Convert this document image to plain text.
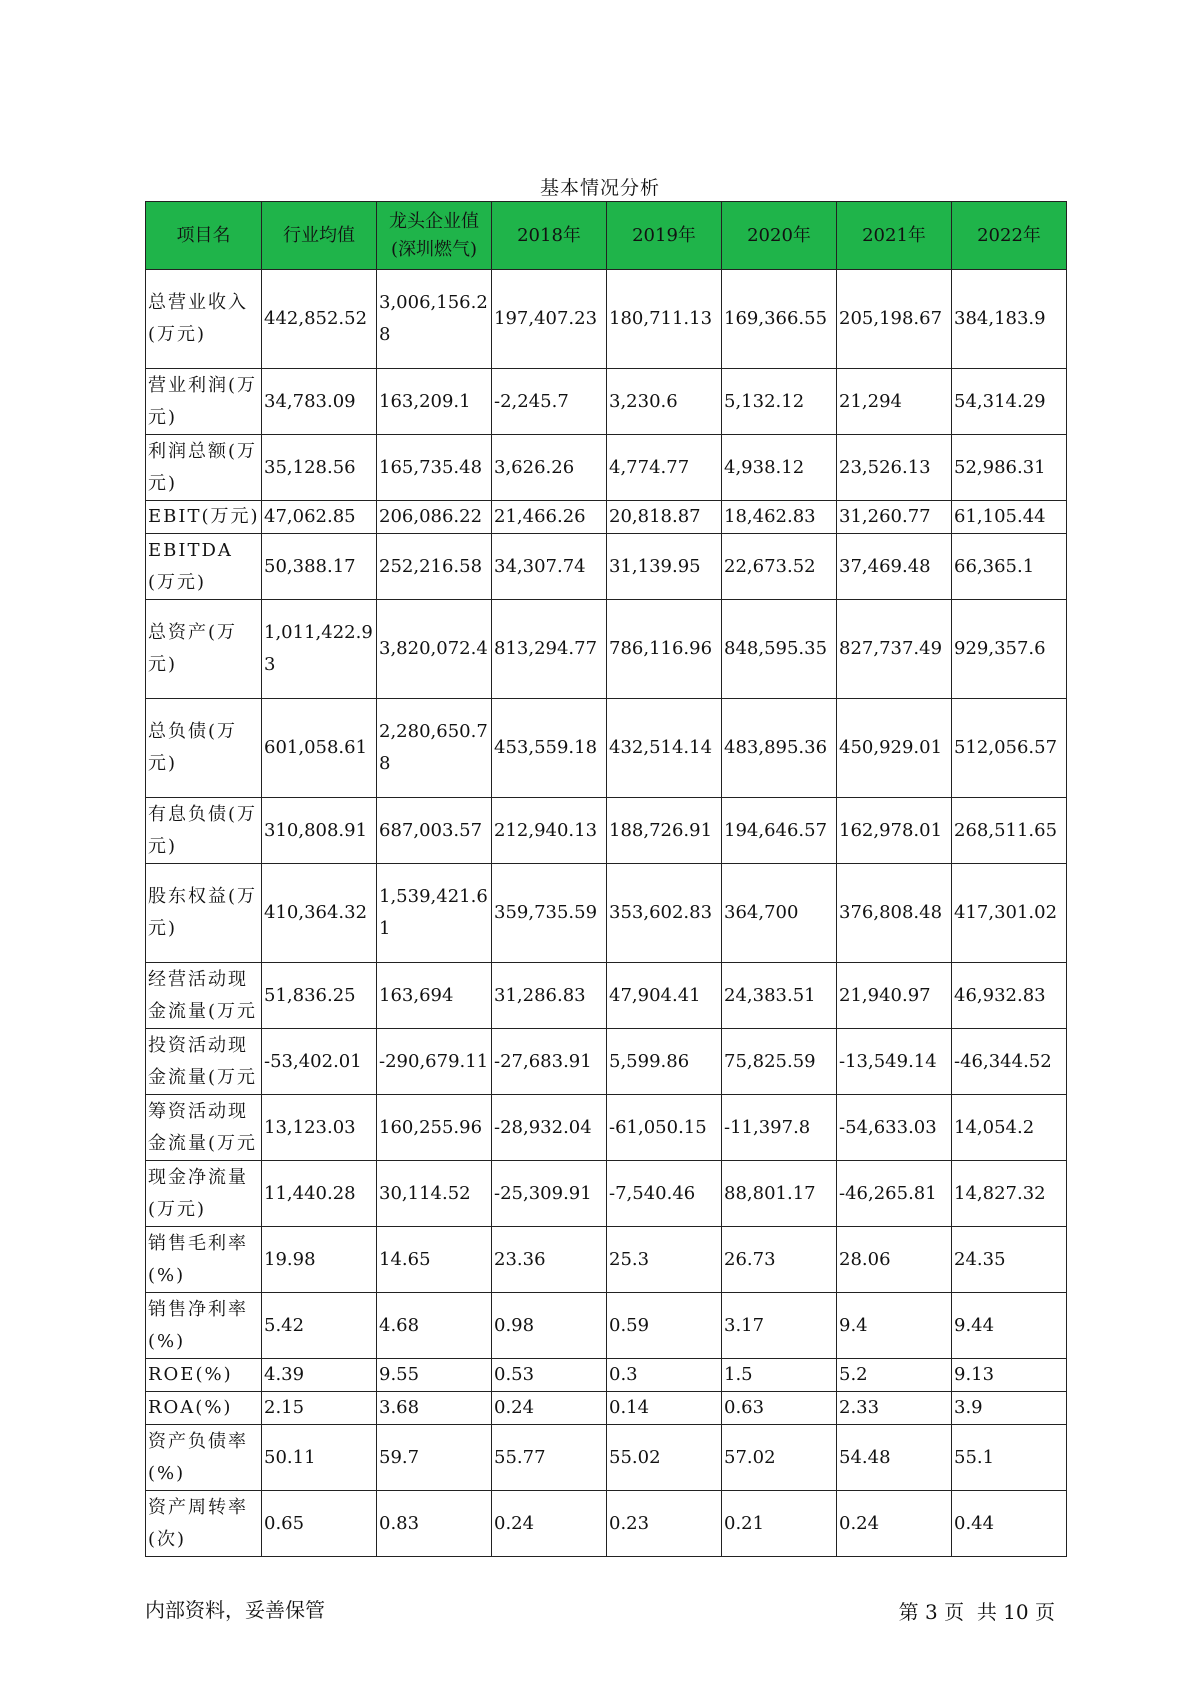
基本情况分析
项目名	行业均值	龙头企业值(深圳燃气)	2018年	2019年	2020年	2021年	2022年
总营业收入(万元)	442,852.52	3,006,156.28	197,407.23	180,711.13	169,366.55	205,198.67	384,183.9
营业利润(万元)	34,783.09	163,209.1	-2,245.7	3,230.6	5,132.12	21,294	54,314.29
利润总额(万元)	35,128.56	165,735.48	3,626.26	4,774.77	4,938.12	23,526.13	52,986.31
EBIT(万元)	47,062.85	206,086.22	21,466.26	20,818.87	18,462.83	31,260.77	61,105.44
EBITDA(万元)	50,388.17	252,216.58	34,307.74	31,139.95	22,673.52	37,469.48	66,365.1
总资产(万元)	1,011,422.93	3,820,072.4	813,294.77	786,116.96	848,595.35	827,737.49	929,357.6
总负债(万元)	601,058.61	2,280,650.78	453,559.18	432,514.14	483,895.36	450,929.01	512,056.57
有息负债(万元)	310,808.91	687,003.57	212,940.13	188,726.91	194,646.57	162,978.01	268,511.65
股东权益(万元)	410,364.32	1,539,421.61	359,735.59	353,602.83	364,700	376,808.48	417,301.02
经营活动现金流量(万元	51,836.25	163,694	31,286.83	47,904.41	24,383.51	21,940.97	46,932.83
投资活动现金流量(万元	-53,402.01	-290,679.11	-27,683.91	5,599.86	75,825.59	-13,549.14	-46,344.52
筹资活动现金流量(万元	13,123.03	160,255.96	-28,932.04	-61,050.15	-11,397.8	-54,633.03	14,054.2
现金净流量(万元)	11,440.28	30,114.52	-25,309.91	-7,540.46	88,801.17	-46,265.81	14,827.32
销售毛利率(%)	19.98	14.65	23.36	25.3	26.73	28.06	24.35
销售净利率(%)	5.42	4.68	0.98	0.59	3.17	9.4	9.44
ROE(%)	4.39	9.55	0.53	0.3	1.5	5.2	9.13
ROA(%)	2.15	3.68	0.24	0.14	0.63	2.33	3.9
资产负债率(%)	50.11	59.7	55.77	55.02	57.02	54.48	55.1
资产周转率(次)	0.65	0.83	0.24	0.23	0.21	0.24	0.44
内部资料，妥善保管	第 3 页  共 10 页
